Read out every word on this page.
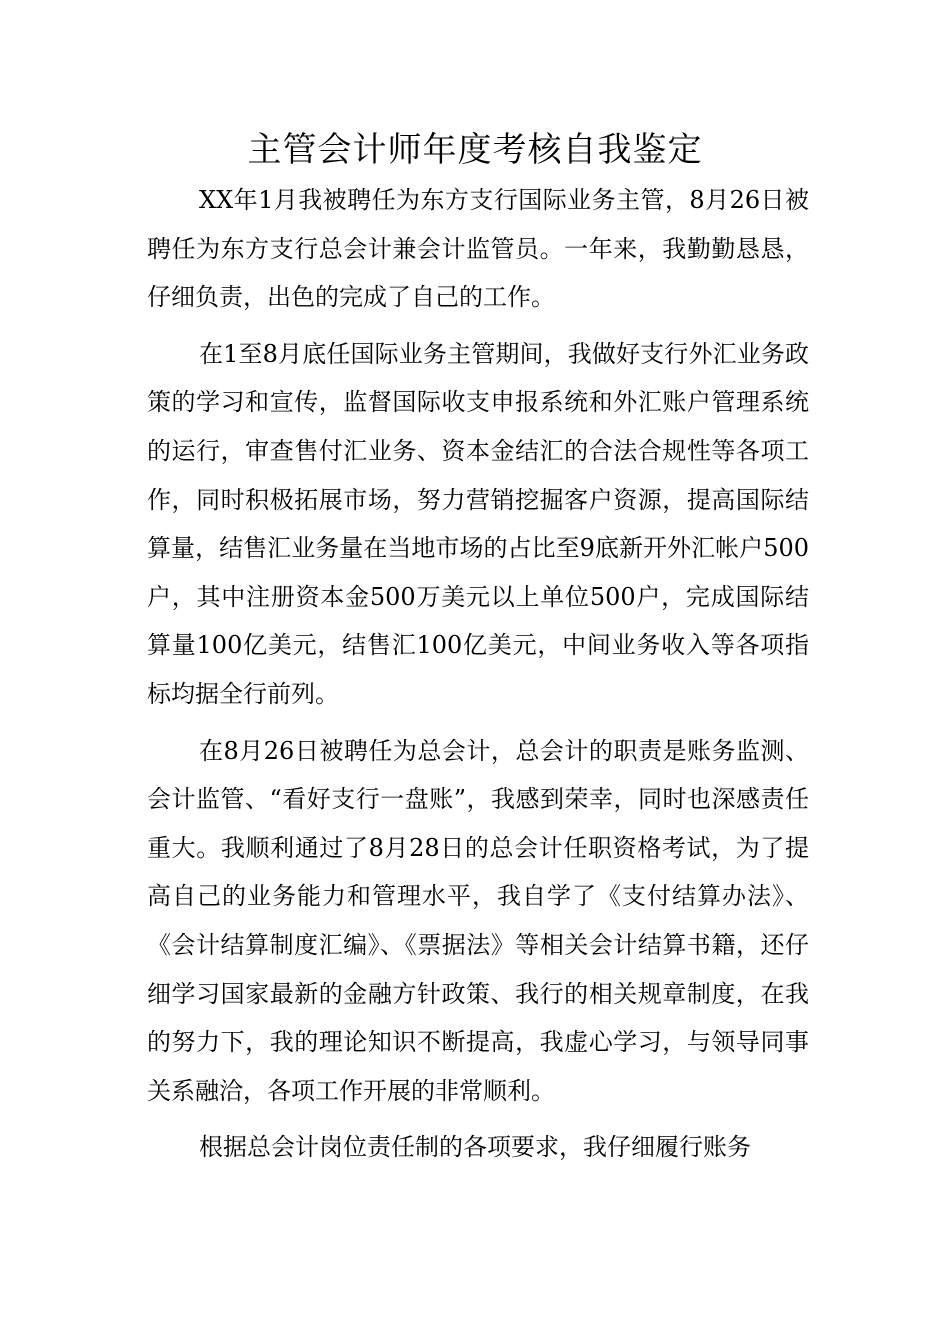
主管会计师年度考核自我鉴定

XX年1月我被聘任为东方支行国际业务主管，8月26日被聘任为东方支行总会计兼会计监管员。一年来，我勤勤恳恳，仔细负责，出色的完成了自己的工作。

在1至8月底任国际业务主管期间，我做好支行外汇业务政策的学习和宣传，监督国际收支申报系统和外汇账户管理系统的运行，审查售付汇业务、资本金结汇的合法合规性等各项工作，同时积极拓展市场，努力营销挖掘客户资源，提高国际结算量，结售汇业务量在当地市场的占比至9底新开外汇帐户500户，其中注册资本金500万美元以上单位500户，完成国际结算量100亿美元，结售汇100亿美元，中间业务收入等各项指标均据全行前列。

在8月26日被聘任为总会计，总会计的职责是账务监测、会计监管、“看好支行一盘账”，我感到荣幸，同时也深感责任重大。我顺利通过了8月28日的总会计任职资格考试，为了提高自己的业务能力和管理水平，我自学了《支付结算办法》、《会计结算制度汇编》、《票据法》等相关会计结算书籍，还仔细学习国家最新的金融方针政策、我行的相关规章制度，在我的努力下，我的理论知识不断提高，我虚心学习，与领导同事关系融洽，各项工作开展的非常顺利。

根据总会计岗位责任制的各项要求，我仔细履行账务
